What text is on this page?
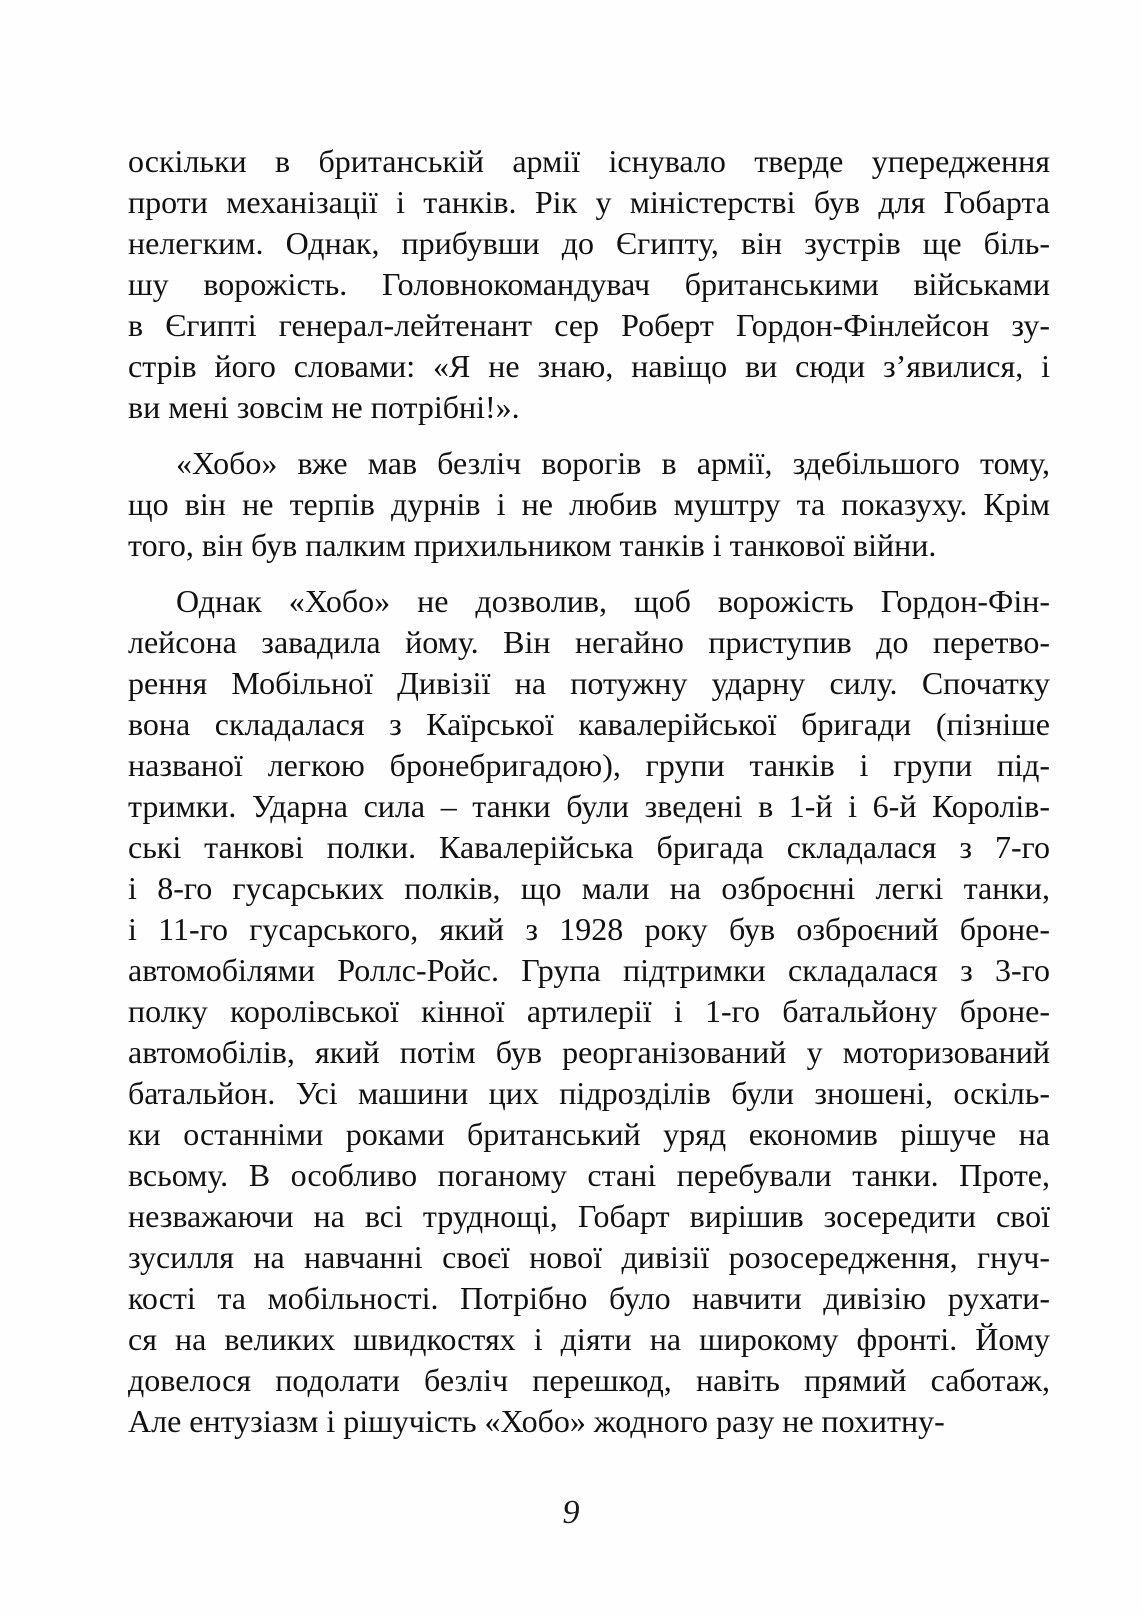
оскільки в британській армії існувало тверде упередження
проти механізації і танків. Рік у міністерстві був для Гобарта
нелегким. Однак, прибувши до Єгипту, він зустрів ще біль-
шу ворожість. Головнокомандувач британськими військами
в Єгипті генерал-лейтенант сер Роберт Гордон-Фінлейсон зу-
стрів його словами: «Я не знаю, навіщо ви сюди з’явилися, і
ви мені зовсім не потрібні!».
«Хобо» вже мав безліч ворогів в армії, здебільшого тому,
що він не терпів дурнів і не любив муштру та показуху. Крім
того, він був палким прихильником танків і танкової війни.
Однак «Хобо» не дозволив, щоб ворожість Гордон-Фін-
лейсона завадила йому. Він негайно приступив до перетво-
рення Мобільної Дивізії на потужну ударну силу. Спочатку
вона складалася з Каїрської кавалерійської бригади (пізніше
названої легкою бронебригадою), групи танків і групи під-
тримки. Ударна сила – танки були зведені в 1-й і 6-й Королів-
ські танкові полки. Кавалерійська бригада складалася з 7-го
і 8-го гусарських полків, що мали на озброєнні легкі танки,
і 11-го гусарського, який з 1928 року був озброєний броне-
автомобілями Роллс-Ройс. Група підтримки складалася з 3-го
полку королівської кінної артилерії і 1-го батальйону броне-
автомобілів, який потім був реорганізований у моторизований
батальйон. Усі машини цих підрозділів були зношені, оскіль-
ки останніми роками британський уряд економив рішуче на
всьому. В особливо поганому стані перебували танки. Проте,
незважаючи на всі труднощі, Гобарт вирішив зосередити свої
зусилля на навчанні своєї нової дивізії розосередження, гнуч-
кості та мобільності. Потрібно було навчити дивізію рухати-
ся на великих швидкостях і діяти на широкому фронті. Йому
довелося подолати безліч перешкод, навіть прямий саботаж,
Але ентузіазм і рішучість «Хобо» жодного разу не похитну-
9
